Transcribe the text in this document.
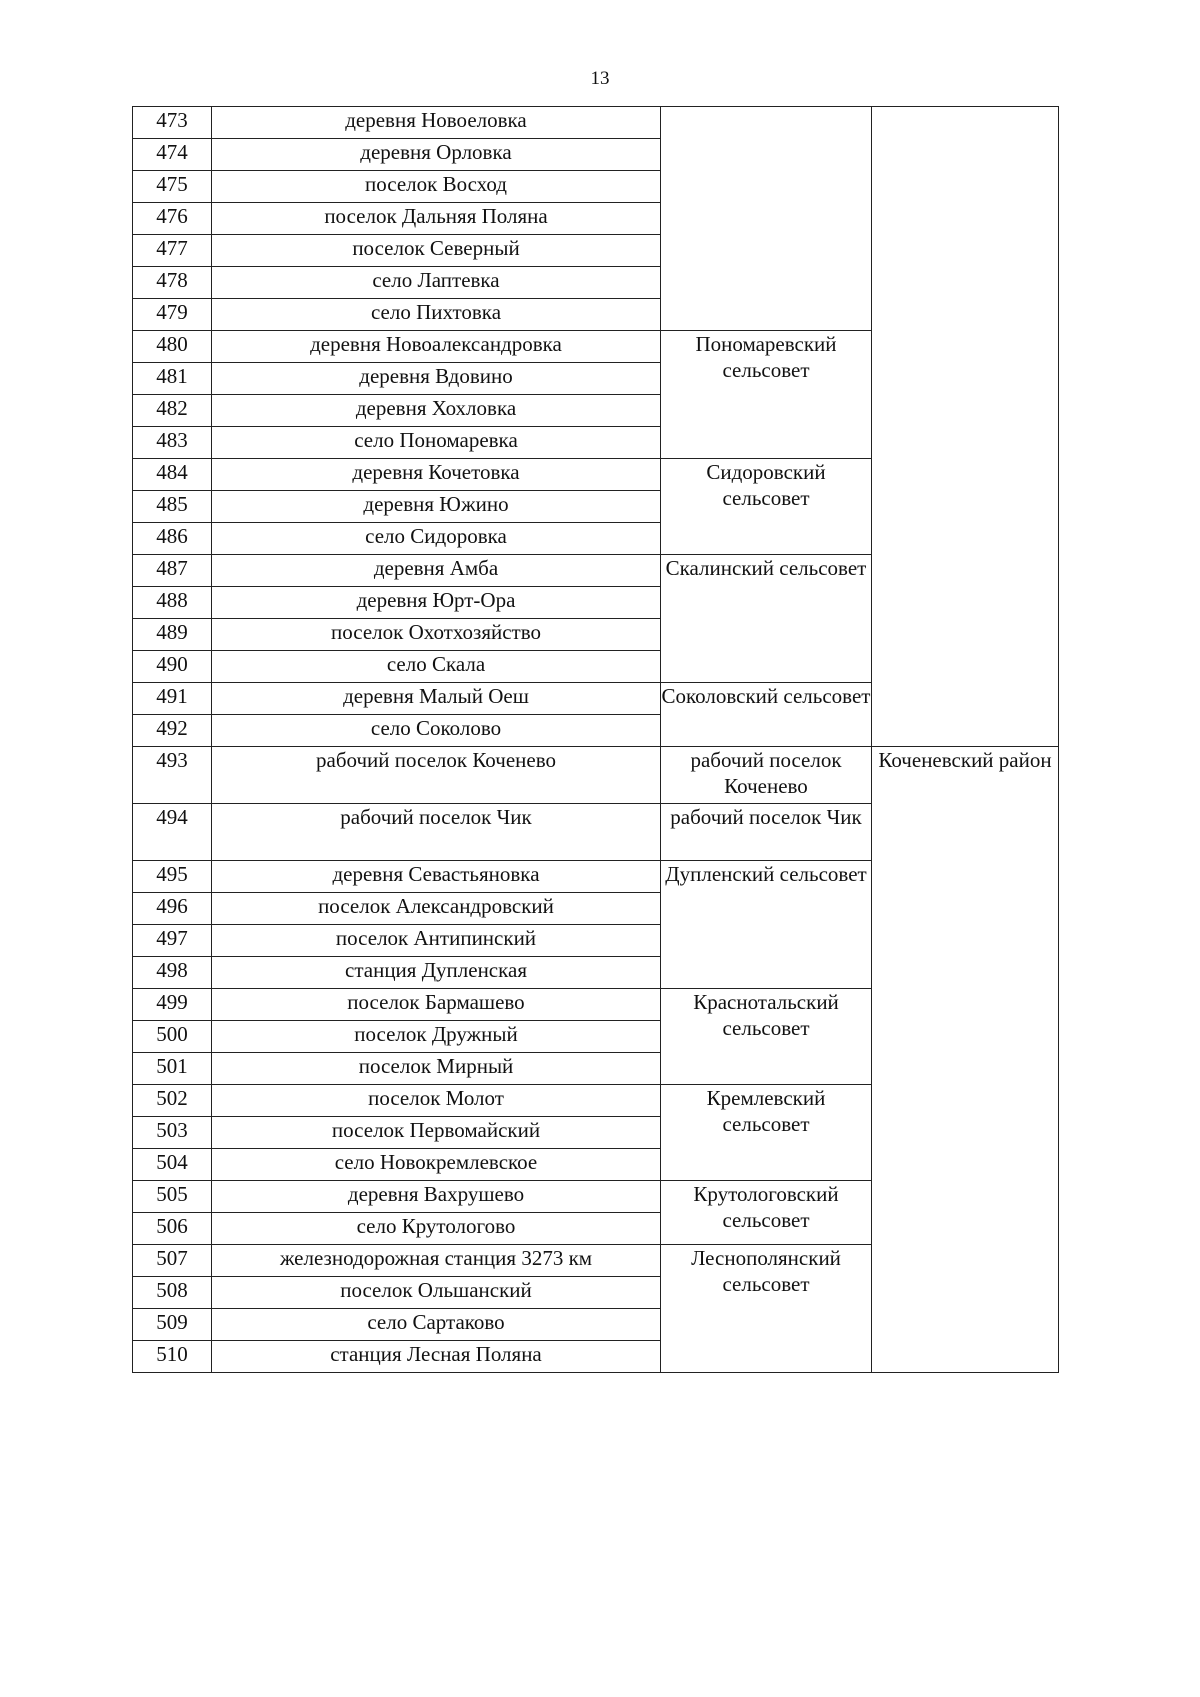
13
473	деревня Новоеловка		
474	деревня Орловка		
475	поселок Восход		
476	поселок Дальняя Поляна		
477	поселок Северный		
478	село Лаптевка		
479	село Пихтовка		
480	деревня Новоалександровка	Пономаревский сельсовет	
481	деревня Вдовино		
482	деревня Хохловка		
483	село Пономаревка		
484	деревня Кочетовка	Сидоровский сельсовет	
485	деревня Южино		
486	село Сидоровка		
487	деревня Амба	Скалинский сельсовет	
488	деревня Юрт-Ора		
489	поселок Охотхозяйство		
490	село Скала		
491	деревня Малый Оеш	Соколовский сельсовет	
492	село Соколово		
493	рабочий поселок Коченево	рабочий поселок Коченево	Коченевский район
494	рабочий поселок Чик	рабочий поселок Чик	
495	деревня Севастьяновка	Дупленский сельсовет	
496	поселок Александровский		
497	поселок Антипинский		
498	станция Дупленская		
499	поселок Бармашево	Краснотальский сельсовет	
500	поселок Дружный		
501	поселок Мирный		
502	поселок Молот	Кремлевский сельсовет	
503	поселок Первомайский		
504	село Новокремлевское		
505	деревня Вахрушево	Крутологовский сельсовет	
506	село Крутологово		
507	железнодорожная станция 3273 км	Леснополянский сельсовет	
508	поселок Ольшанский		
509	село Сартаково		
510	станция Лесная Поляна		
